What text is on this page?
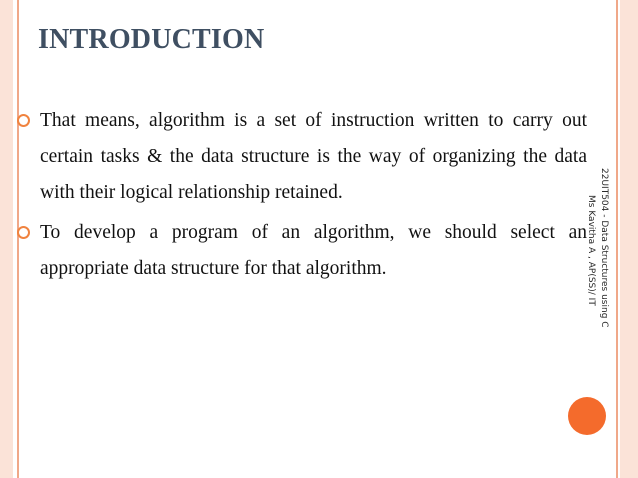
INTRODUCTION
That means, algorithm is a set of instruction written to carry out certain tasks & the data structure is the way of organizing the data with their logical relationship retained.
To develop a program of an algorithm, we should select an appropriate data structure for that algorithm.	22UIT504 - Data Structures using C
Ms Kavitha A , AP(SS)/ IT
